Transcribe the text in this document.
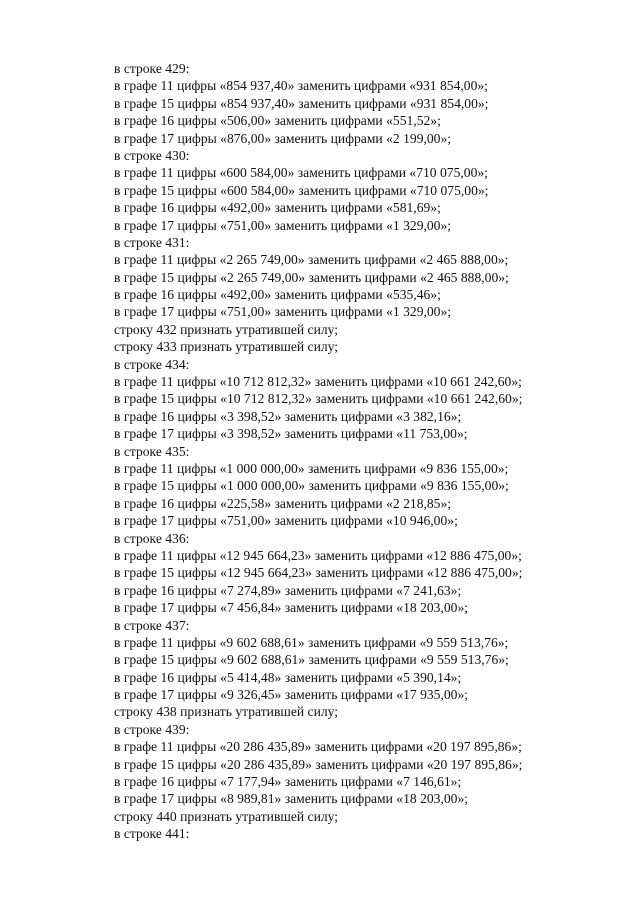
в строке 429:
в графе 11 цифры «854 937,40» заменить цифрами «931 854,00»;
в графе 15 цифры «854 937,40» заменить цифрами «931 854,00»;
в графе 16 цифры «506,00» заменить цифрами «551,52»;
в графе 17 цифры «876,00» заменить цифрами «2 199,00»;
в строке 430:
в графе 11 цифры «600 584,00» заменить цифрами «710 075,00»;
в графе 15 цифры «600 584,00» заменить цифрами «710 075,00»;
в графе 16 цифры «492,00» заменить цифрами «581,69»;
в графе 17 цифры «751,00» заменить цифрами «1 329,00»;
в строке 431:
в графе 11 цифры «2 265 749,00» заменить цифрами «2 465 888,00»;
в графе 15 цифры «2 265 749,00» заменить цифрами «2 465 888,00»;
в графе 16 цифры «492,00» заменить цифрами «535,46»;
в графе 17 цифры «751,00» заменить цифрами «1 329,00»;
строку 432 признать утратившей силу;
строку 433 признать утратившей силу;
в строке 434:
в графе 11 цифры «10 712 812,32» заменить цифрами «10 661 242,60»;
в графе 15 цифры «10 712 812,32» заменить цифрами «10 661 242,60»;
в графе 16 цифры «3 398,52» заменить цифрами «3 382,16»;
в графе 17 цифры «3 398,52» заменить цифрами «11 753,00»;
в строке 435:
в графе 11 цифры «1 000 000,00» заменить цифрами «9 836 155,00»;
в графе 15 цифры «1 000 000,00» заменить цифрами «9 836 155,00»;
в графе 16 цифры «225,58» заменить цифрами «2 218,85»;
в графе 17 цифры «751,00» заменить цифрами «10 946,00»;
в строке 436:
в графе 11 цифры «12 945 664,23» заменить цифрами «12 886 475,00»;
в графе 15 цифры «12 945 664,23» заменить цифрами «12 886 475,00»;
в графе 16 цифры «7 274,89» заменить цифрами «7 241,63»;
в графе 17 цифры «7 456,84» заменить цифрами «18 203,00»;
в строке 437:
в графе 11 цифры «9 602 688,61» заменить цифрами «9 559 513,76»;
в графе 15 цифры «9 602 688,61» заменить цифрами «9 559 513,76»;
в графе 16 цифры «5 414,48» заменить цифрами «5 390,14»;
в графе 17 цифры «9 326,45» заменить цифрами «17 935,00»;
строку 438 признать утратившей силу;
в строке 439:
в графе 11 цифры «20 286 435,89» заменить цифрами «20 197 895,86»;
в графе 15 цифры «20 286 435,89» заменить цифрами «20 197 895,86»;
в графе 16 цифры «7 177,94» заменить цифрами «7 146,61»;
в графе 17 цифры «8 989,81» заменить цифрами «18 203,00»;
строку 440 признать утратившей силу;
в строке 441:
